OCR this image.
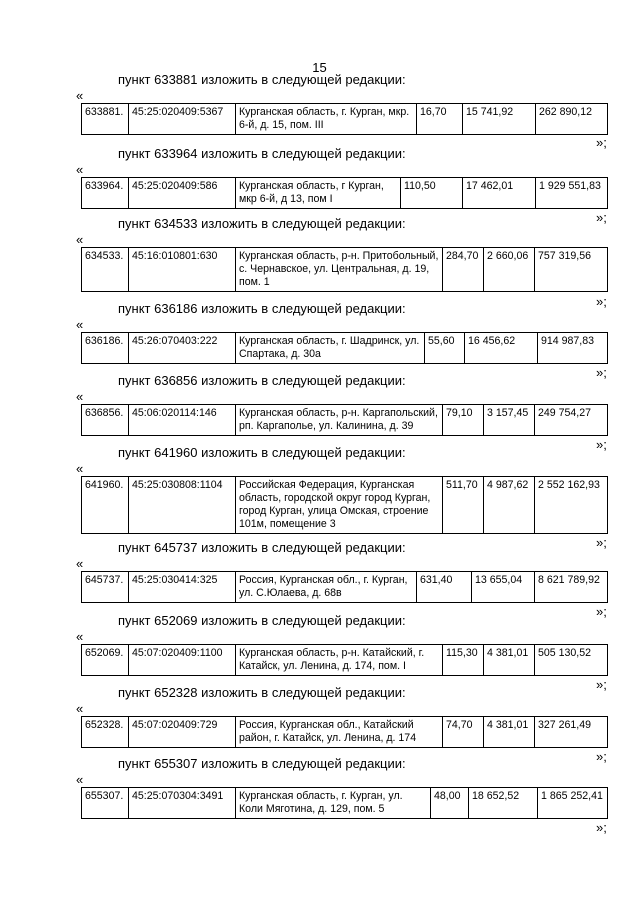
15
пункт 633881 изложить в следующей редакции:
«
633881.	45:25:020409:5367	Курганская область, г. Курган, мкр. 6-й, д. 15, пом. III	16,70	15 741,92	262 890,12
»;
пункт 633964 изложить в следующей редакции:
«
633964.	45:25:020409:586	Курганская область, г Курган, мкр 6-й, д 13, пом I	110,50	17 462,01	1 929 551,83
»;
пункт 634533 изложить в следующей редакции:
«
634533.	45:16:010801:630	Курганская область, р-н. Притобольный, с. Чернавское, ул. Центральная, д. 19, пом. 1	284,70	2 660,06	757 319,56
»;
пункт 636186 изложить в следующей редакции:
«
636186.	45:26:070403:222	Курганская область, г. Шадринск, ул. Спартака, д. 30а	55,60	16 456,62	914 987,83
»;
пункт 636856 изложить в следующей редакции:
«
636856.	45:06:020114:146	Курганская область, р-н. Каргапольский, рп. Каргаполье, ул. Калинина, д. 39	79,10	3 157,45	249 754,27
»;
пункт 641960 изложить в следующей редакции:
«
641960.	45:25:030808:1104	Российская Федерация, Курганская область, городской округ город Курган, город Курган, улица Омская, строение 101м, помещение 3	511,70	4 987,62	2 552 162,93
»;
пункт 645737 изложить в следующей редакции:
«
645737.	45:25:030414:325	Россия, Курганская обл., г. Курган, ул. С.Юлаева, д. 68в	631,40	13 655,04	8 621 789,92
»;
пункт 652069 изложить в следующей редакции:
«
652069.	45:07:020409:1100	Курганская область, р-н. Катайский, г. Катайск, ул. Ленина, д. 174, пом. I	115,30	4 381,01	505 130,52
»;
пункт 652328 изложить в следующей редакции:
«
652328.	45:07:020409:729	Россия, Курганская обл., Катайский район, г. Катайск, ул. Ленина, д. 174	74,70	4 381,01	327 261,49
»;
пункт 655307 изложить в следующей редакции:
«
655307.	45:25:070304:3491	Курганская область, г. Курган, ул. Коли Мяготина, д. 129, пом. 5	48,00	18 652,52	1 865 252,41
»;
